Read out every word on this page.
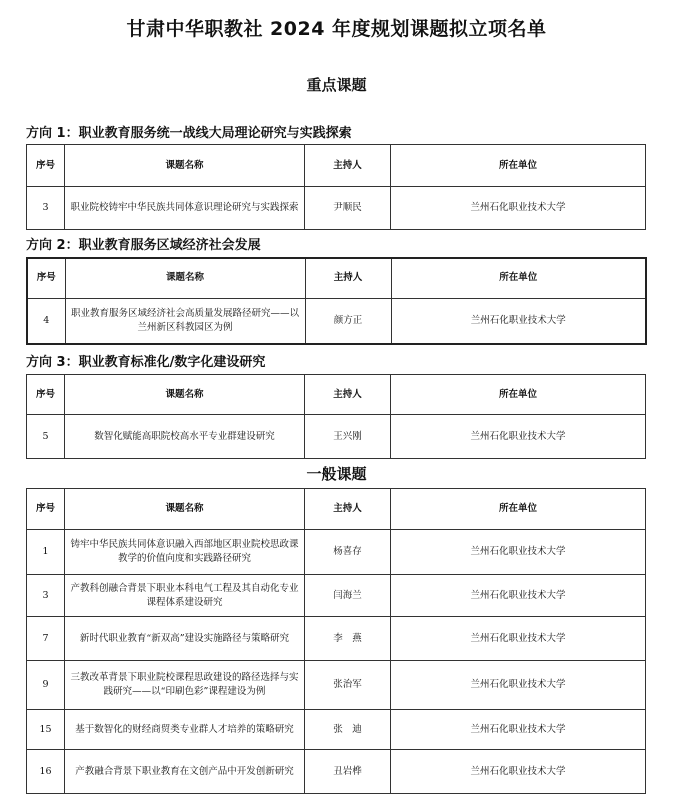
甘肃中华职教社 2024 年度规划课题拟立项名单
重点课题
方向 1：职业教育服务统一战线大局理论研究与实践探索
序号	课题名称	主持人	所在单位
3	职业院校铸牢中华民族共同体意识理论研究与实践探索	尹顺民	兰州石化职业技术大学
方向 2：职业教育服务区域经济社会发展
序号	课题名称	主持人	所在单位
4	职业教育服务区域经济社会高质量发展路径研究——以兰州新区科教园区为例	颜方正	兰州石化职业技术大学
方向 3：职业教育标准化/数字化建设研究
序号	课题名称	主持人	所在单位
5	数智化赋能高职院校高水平专业群建设研究	王兴刚	兰州石化职业技术大学
一般课题
序号	课题名称	主持人	所在单位
1	铸牢中华民族共同体意识融入西部地区职业院校思政课教学的价值向度和实践路径研究	杨喜存	兰州石化职业技术大学
3	产教科创融合背景下职业本科电气工程及其自动化专业课程体系建设研究	闫海兰	兰州石化职业技术大学
7	新时代职业教育“新双高”建设实施路径与策略研究	李　燕	兰州石化职业技术大学
9	三教改革背景下职业院校课程思政建设的路径选择与实践研究——以“印刷色彩”课程建设为例	张治军	兰州石化职业技术大学
15	基于数智化的财经商贸类专业群人才培养的策略研究	张　迪	兰州石化职业技术大学
16	产教融合背景下职业教育在文创产品中开发创新研究	丑岩桦	兰州石化职业技术大学
